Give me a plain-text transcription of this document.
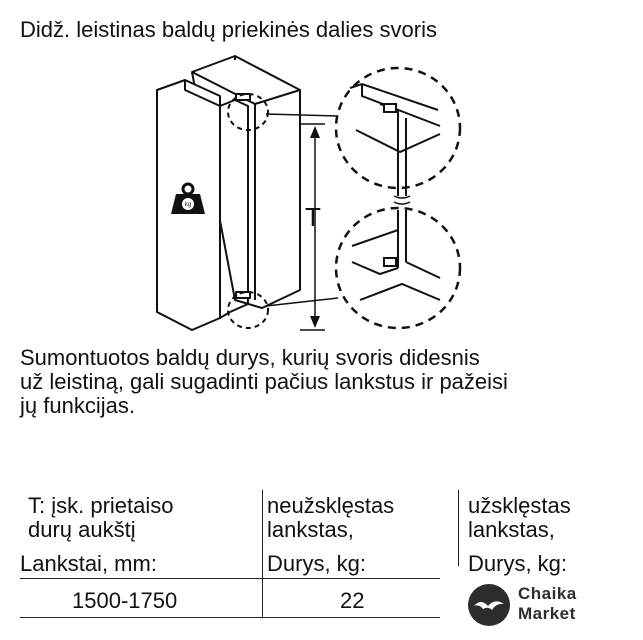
Didž. leistinas baldų priekinės dalies svoris
T
kg

Sumontuotos baldų durys, kurių svoris didesnis
už leistiną, gali sugadinti pačius lankstus ir pažeisi
jų funkcijas.

T: įsk. prietaiso
durų aukštį
Lankstai, mm:
neužsklęstas
lankstas,
Durys, kg:
užsklęstas
lankstas,
Durys, kg:
1500-1750	22	Chaika
Market
